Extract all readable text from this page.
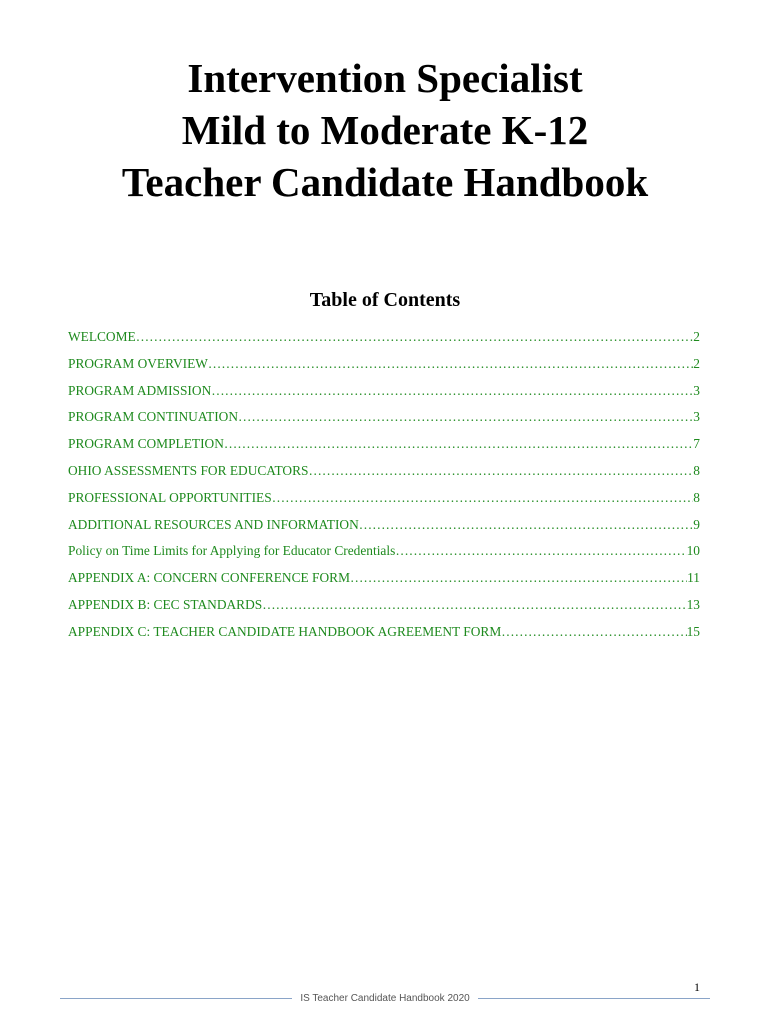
Intervention Specialist
Mild to Moderate K-12
Teacher Candidate Handbook
Table of Contents
WELCOME …………………………………………………………………………………………………………………………………………………………………………………………………………………………………………	2
PROGRAM OVERVIEW …………………………………………………………………………………………………………………………………………………………………………………………………………………………………………	2
PROGRAM ADMISSION …………………………………………………………………………………………………………………………………………………………………………………………………………………………………………	3
PROGRAM CONTINUATION …………………………………………………………………………………………………………………………………………………………………………………………………………………………………………	3
PROGRAM COMPLETION …………………………………………………………………………………………………………………………………………………………………………………………………………………………………………	7
OHIO ASSESSMENTS FOR EDUCATORS …………………………………………………………………………………………………………………………………………………………………………………………………………………………………………	8
PROFESSIONAL OPPORTUNITIES …………………………………………………………………………………………………………………………………………………………………………………………………………………………………………	8
ADDITIONAL RESOURCES AND INFORMATION …………………………………………………………………………………………………………………………………………………………………………………………………………………………………………	9
Policy on Time Limits for Applying for Educator Credentials …………………………………………………………………………………………………………………………………………………………………………………………………………………………………………	10
APPENDIX A: CONCERN CONFERENCE FORM …………………………………………………………………………………………………………………………………………………………………………………………………………………………………………	11
APPENDIX B: CEC STANDARDS …………………………………………………………………………………………………………………………………………………………………………………………………………………………………………	13
APPENDIX C: TEACHER CANDIDATE HANDBOOK AGREEMENT FORM …………………………………………………………………………………………………………………………………………………………………………………………………………………………………………	15
1
IS Teacher Candidate Handbook 2020
